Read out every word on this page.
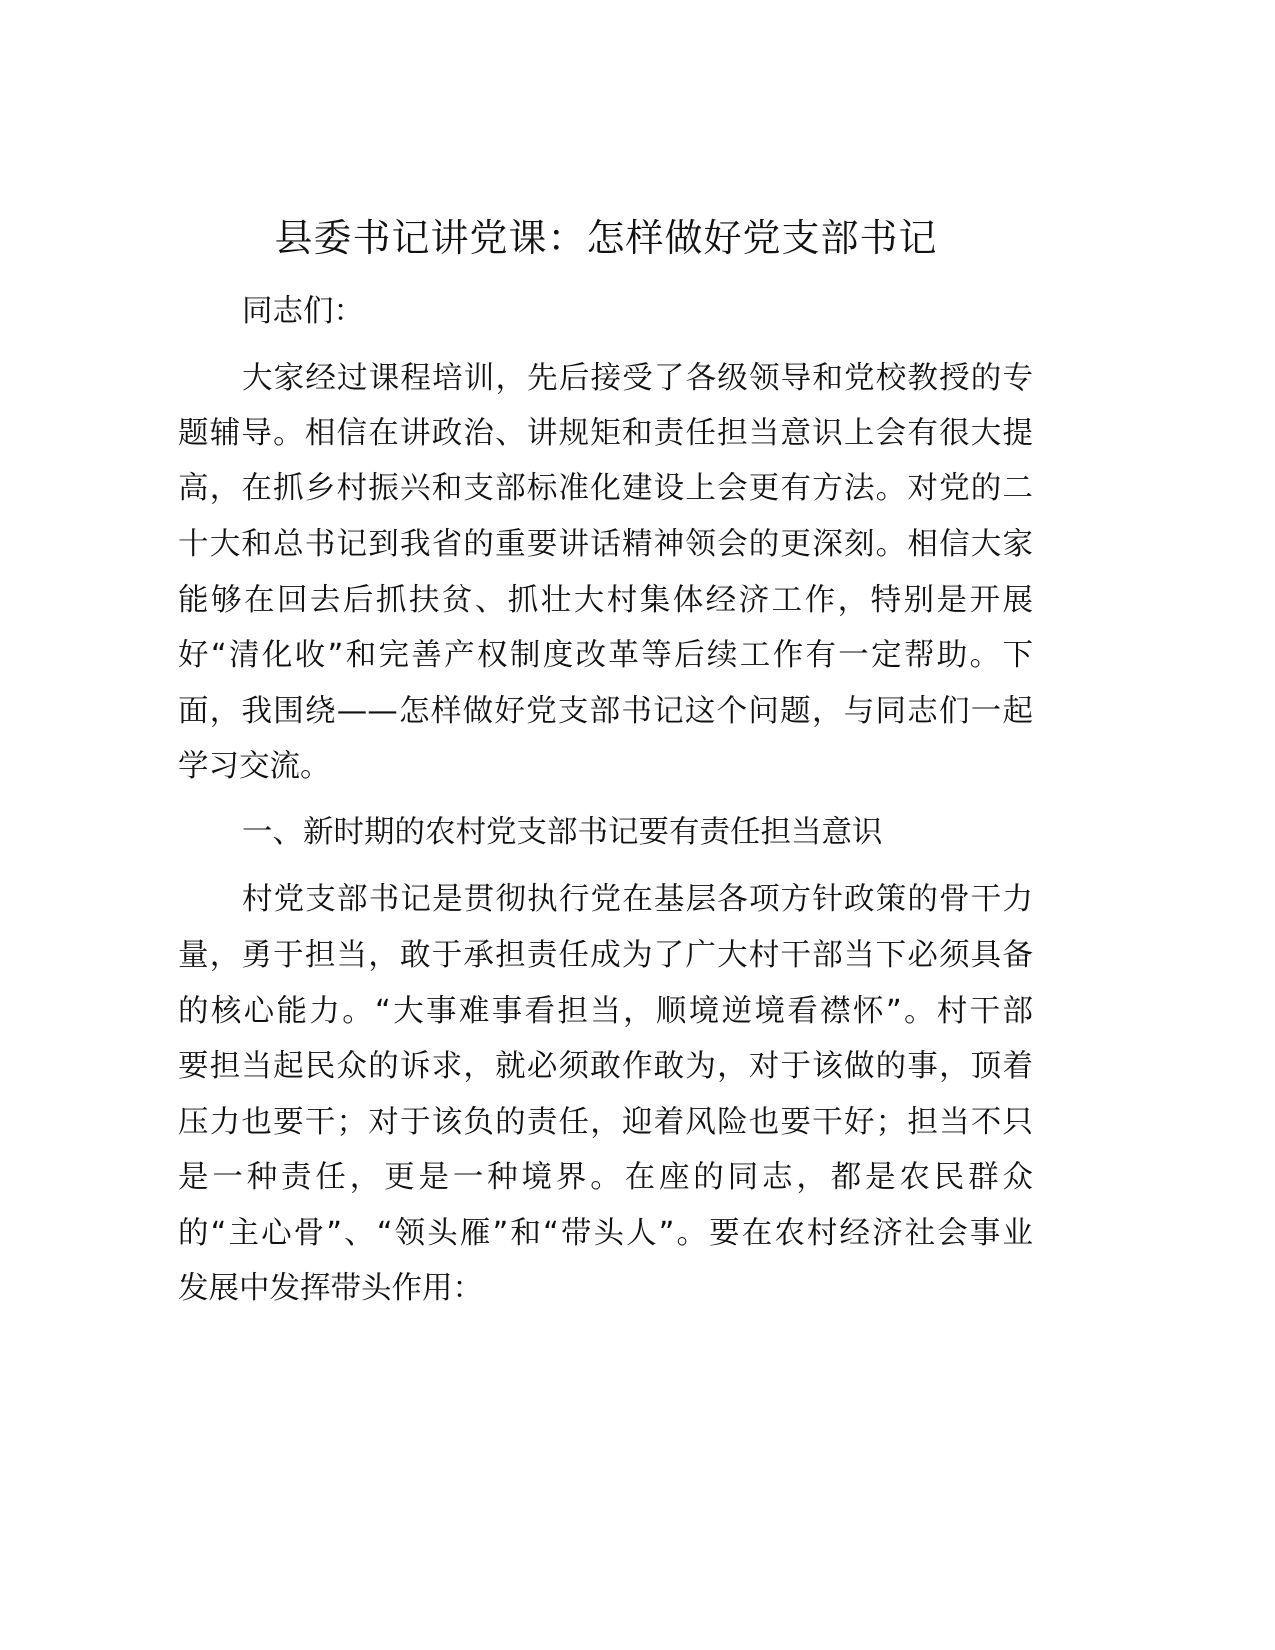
县委书记讲党课：怎样做好党支部书记
同志们：
大家经过课程培训，先后接受了各级领导和党校教授的专
题辅导。相信在讲政治、讲规矩和责任担当意识上会有很大提
高，在抓乡村振兴和支部标准化建设上会更有方法。对党的二
十大和总书记到我省的重要讲话精神领会的更深刻。相信大家
能够在回去后抓扶贫、抓壮大村集体经济工作，特别是开展
好“清化收”和完善产权制度改革等后续工作有一定帮助。下
面，我围绕——怎样做好党支部书记这个问题，与同志们一起
学习交流。
一、新时期的农村党支部书记要有责任担当意识
村党支部书记是贯彻执行党在基层各项方针政策的骨干力
量，勇于担当，敢于承担责任成为了广大村干部当下必须具备
的核心能力。“大事难事看担当，顺境逆境看襟怀”。村干部
要担当起民众的诉求，就必须敢作敢为，对于该做的事，顶着
压力也要干；对于该负的责任，迎着风险也要干好；担当不只
是一种责任，更是一种境界。在座的同志，都是农民群众
的“主心骨”、“领头雁”和“带头人”。要在农村经济社会事业
发展中发挥带头作用：
